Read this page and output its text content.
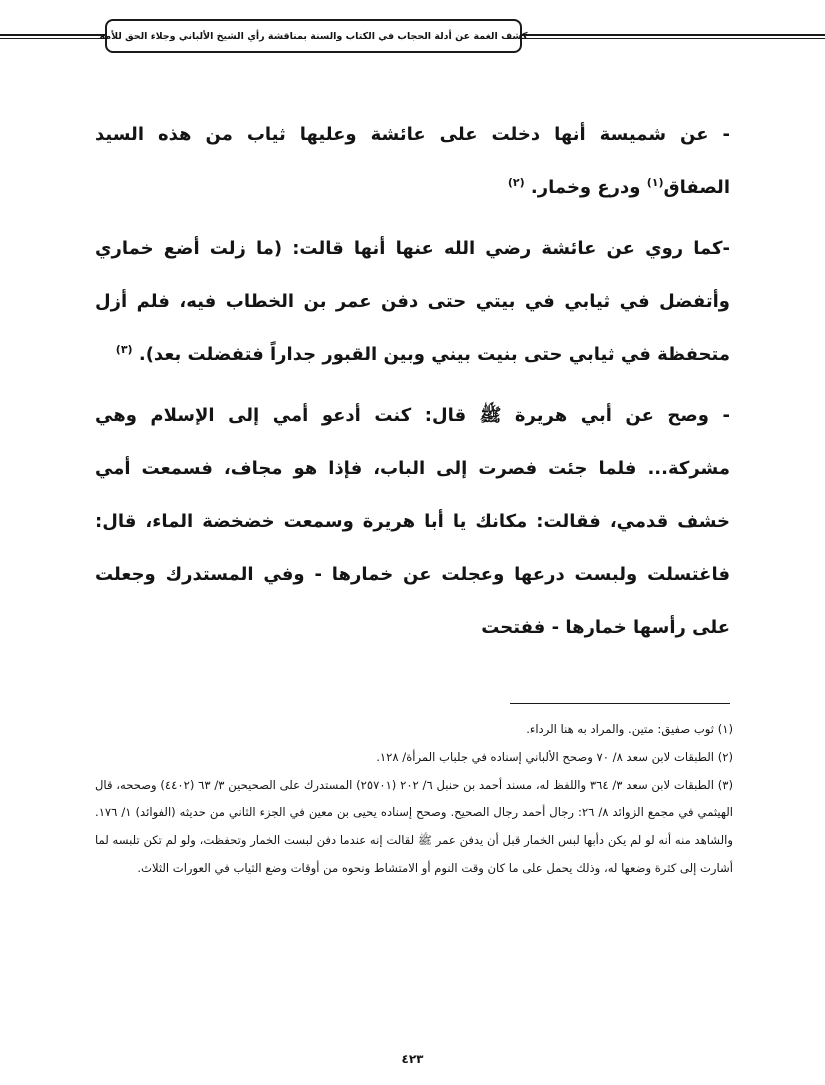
كشف الغمة عن أدلة الحجاب في الكتاب والسنة بمناقشة رأي الشيخ الألباني وجلاء الحق للأمة

- عن شميسة أنها دخلت على عائشة وعليها ثياب من هذه السيد الصفاق$^{(١)}$ ودرع وخمار. $^{(٢)}$

-كما روي عن عائشة رضي الله عنها أنها قالت: (ما زلت أضع خماري وأتفضل في ثيابي في بيتي حتى دفن عمر بن الخطاب فيه، فلم أزل متحفظة في ثيابي حتى بنيت بيني وبين القبور جداراً فتفضلت بعد). $^{(٣)}$

- وصح عن أبي هريرة ﷺ قال: كنت أدعو أمي إلى الإسلام وهي مشركة... فلما جئت فصرت إلى الباب، فإذا هو مجاف، فسمعت أمي خشف قدمي، فقالت: مكانك يا أبا هريرة وسمعت خضخضة الماء، قال: فاغتسلت ولبست درعها وعجلت عن خمارها - وفي المستدرك وجعلت على رأسها خمارها - ففتحت

(١) ثوب صفيق: متين. والمراد به هنا الرداء.

(٢) الطبقات لابن سعد ٨/ ٧٠ وصحح الألباني إسناده في جلباب المرأة/ ١٢٨.

(٣) الطبقات لابن سعد ٣/ ٣٦٤ واللفظ له، مسند أحمد بن حنبل ٦/ ٢٠٢ (٢٥٧٠١) المستدرك على الصحيحين ٣/ ٦٣ (٤٤٠٢) وصححه، قال الهيثمي في مجمع الزوائد ٨/ ٢٦: رجال أحمد رجال الصحيح. وصحح إسناده يحيى بن معين في الجزء الثاني من حديثه (الفوائد) ١/ ١٧٦. والشاهد منه أنه لو لم يكن دأبها لبس الخمار قبل أن يدفن عمر ﷺ لقالت إنه عندما دفن لبست الخمار وتحفظت، ولو لم تكن تلبسه لما أشارت إلى كثرة وضعها له، وذلك يحمل على ما كان وقت النوم أو الامتشاط ونحوه من أوقات وضع الثياب في العورات الثلاث.

٤٢٣
